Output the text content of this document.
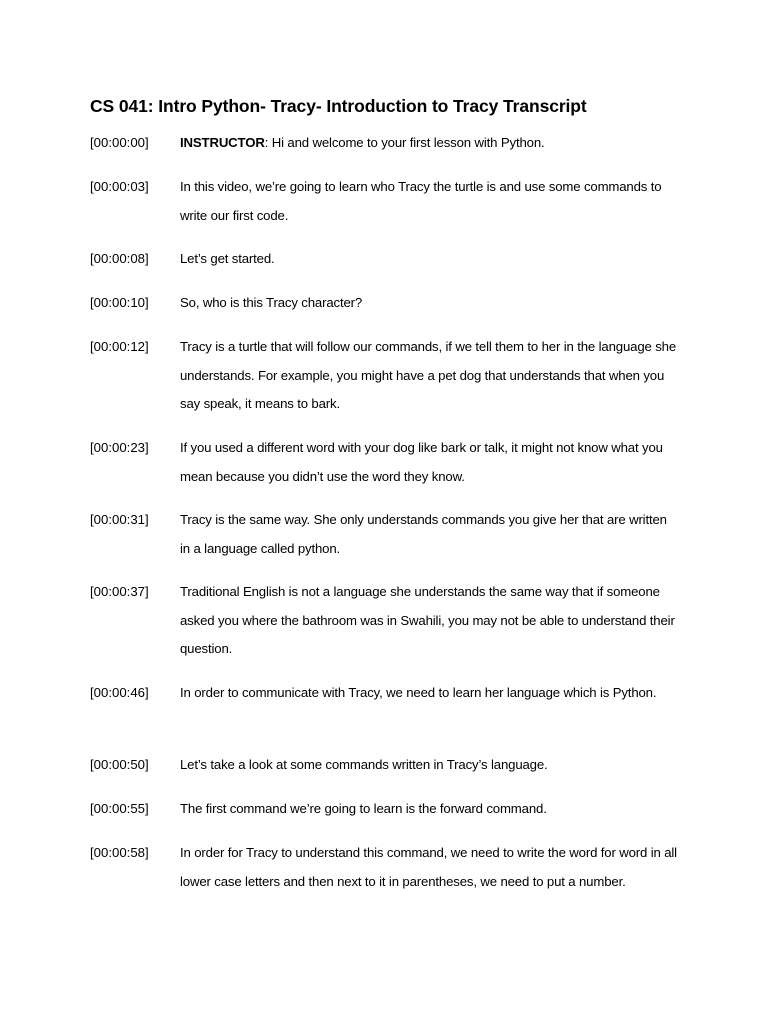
CS 041: Intro Python- Tracy- Introduction to Tracy Transcript
[00:00:00]	INSTRUCTOR: Hi and welcome to your first lesson with Python.
[00:00:03]	In this video, we’re going to learn who Tracy the turtle is and use some commands to write our first code.
[00:00:08]	Let’s get started.
[00:00:10]	So, who is this Tracy character?
[00:00:12]	Tracy is a turtle that will follow our commands, if we tell them to her in the language she understands. For example, you might have a pet dog that understands that when you say speak, it means to bark.
[00:00:23]	If you used a different word with your dog like bark or talk, it might not know what you mean because you didn’t use the word they know.
[00:00:31]	Tracy is the same way. She only understands commands you give her that are written in a language called python.
[00:00:37]	Traditional English is not a language she understands the same way that if someone asked you where the bathroom was in Swahili, you may not be able to understand their question.
[00:00:46]	In order to communicate with Tracy, we need to learn her language which is Python.
[00:00:50]	Let’s take a look at some commands written in Tracy’s language.
[00:00:55]	The first command we’re going to learn is the forward command.
[00:00:58]	In order for Tracy to understand this command, we need to write the word for word in all lower case letters and then next to it in parentheses, we need to put a number.
